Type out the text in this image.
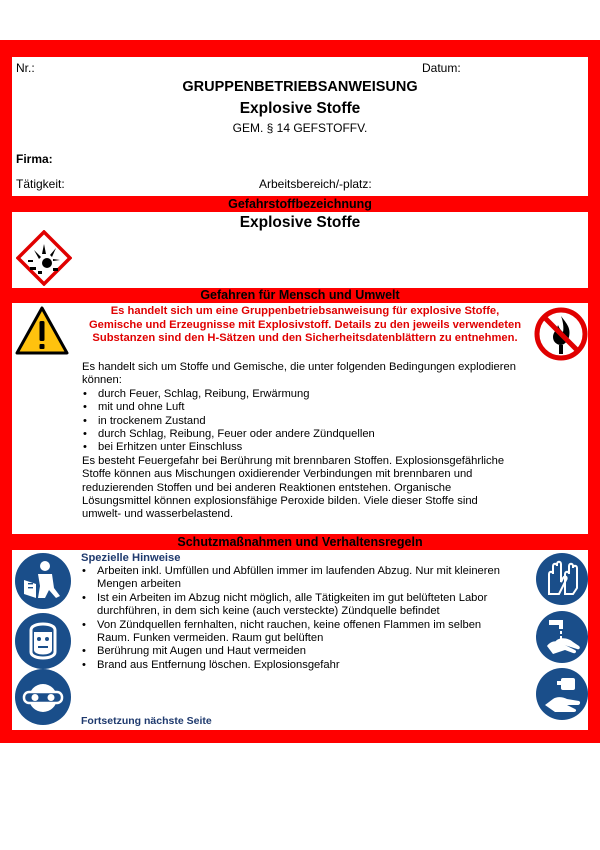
Nr.:	Datum:
GRUPPENBETRIEBSANWEISUNG
Explosive Stoffe
GEM. § 14 GEFSTOFFV.
Firma:
Tätigkeit:	Arbeitsbereich/-platz:
Gefahrstoffbezeichnung
Explosive Stoffe
Gefahren für Mensch und Umwelt
Es handelt sich um eine Gruppenbetriebsanweisung für explosive Stoffe,
Gemische und Erzeugnisse mit Explosivstoff. Details zu den jeweils verwendeten
Substanzen sind den H-Sätzen und den Sicherheitsdatenblättern zu entnehmen.
Es handelt sich um Stoffe und Gemische, die unter folgenden Bedingungen explodieren
können:
• durch Feuer, Schlag, Reibung, Erwärmung
• mit und ohne Luft
• in trockenem Zustand
• durch Schlag, Reibung, Feuer oder andere Zündquellen
• bei Erhitzen unter Einschluss
Es besteht Feuergefahr bei Berührung mit brennbaren Stoffen. Explosionsgefährliche
Stoffe können aus Mischungen oxidierender Verbindungen mit brennbaren und
reduzierenden Stoffen und bei anderen Reaktionen entstehen. Organische
Lösungsmittel können explosionsfähige Peroxide bilden. Viele dieser Stoffe sind
umwelt- und wasserbelastend.
Schutzmaßnahmen und Verhaltensregeln
Spezielle Hinweise
• Arbeiten inkl. Umfüllen und Abfüllen immer im laufenden Abzug. Nur mit kleineren
Mengen arbeiten
• Ist ein Arbeiten im Abzug nicht möglich, alle Tätigkeiten im gut belüfteten Labor
durchführen, in dem sich keine (auch versteckte) Zündquelle befindet
• Von Zündquellen fernhalten, nicht rauchen, keine offenen Flammen im selben
Raum. Funken vermeiden. Raum gut belüften
• Berührung mit Augen und Haut vermeiden
• Brand aus Entfernung löschen. Explosionsgefahr
Fortsetzung nächste Seite
